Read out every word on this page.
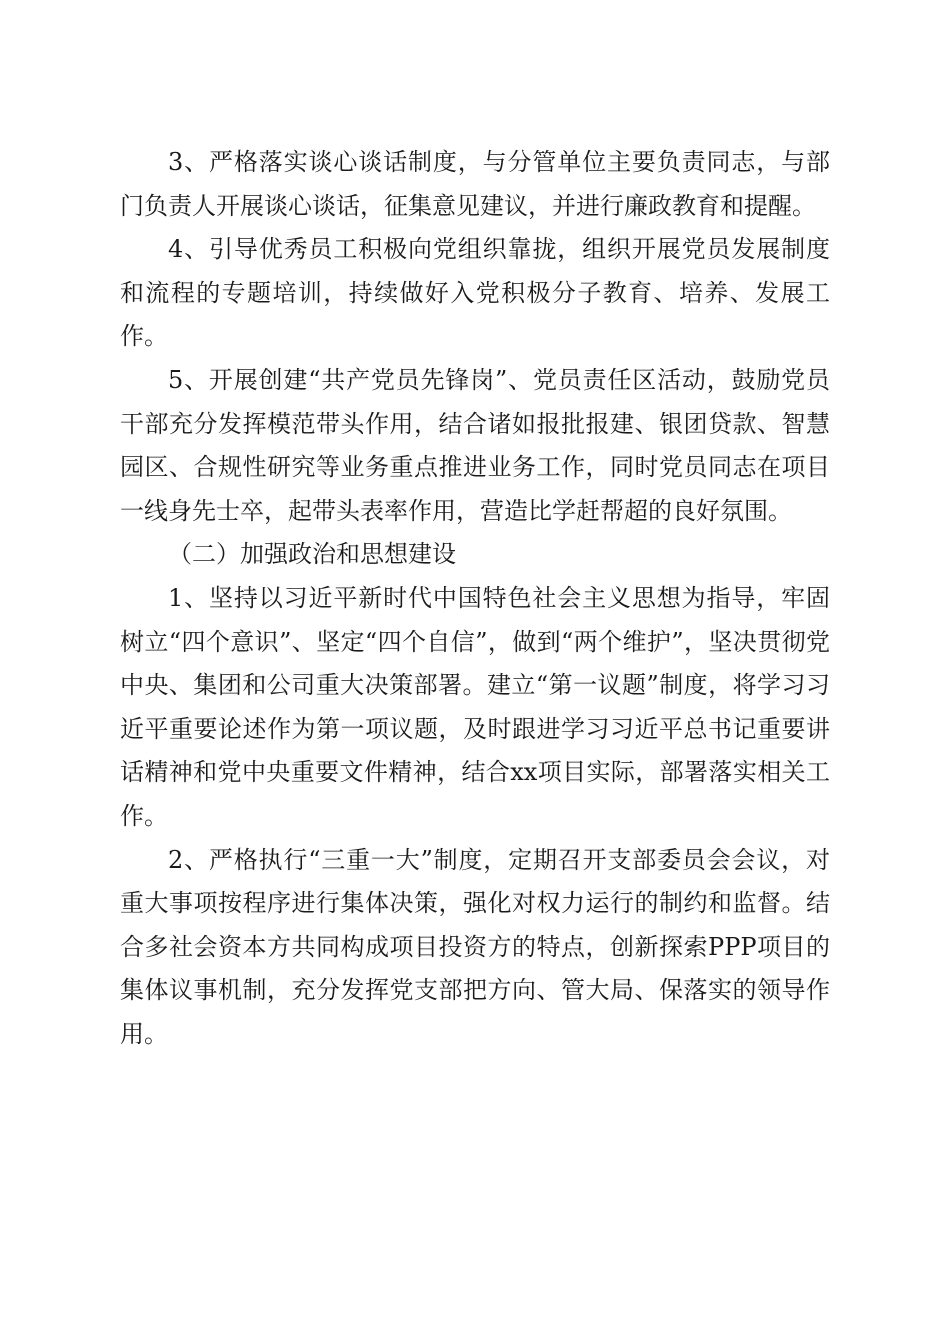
3、严格落实谈心谈话制度，与分管单位主要负责同志，与部门负责人开展谈心谈话，征集意见建议，并进行廉政教育和提醒。

4、引导优秀员工积极向党组织靠拢，组织开展党员发展制度和流程的专题培训，持续做好入党积极分子教育、培养、发展工作。

5、开展创建“共产党员先锋岗”、党员责任区活动，鼓励党员干部充分发挥模范带头作用，结合诸如报批报建、银团贷款、智慧园区、合规性研究等业务重点推进业务工作，同时党员同志在项目一线身先士卒，起带头表率作用，营造比学赶帮超的良好氛围。

（二）加强政治和思想建设

1、坚持以习近平新时代中国特色社会主义思想为指导，牢固树立“四个意识”、坚定“四个自信”，做到“两个维护”，坚决贯彻党中央、集团和公司重大决策部署。建立“第一议题”制度，将学习习近平重要论述作为第一项议题，及时跟进学习习近平总书记重要讲话精神和党中央重要文件精神，结合xx项目实际，部署落实相关工作。

2、严格执行“三重一大”制度，定期召开支部委员会会议，对重大事项按程序进行集体决策，强化对权力运行的制约和监督。结合多社会资本方共同构成项目投资方的特点，创新探索PPP项目的集体议事机制，充分发挥党支部把方向、管大局、保落实的领导作用。
